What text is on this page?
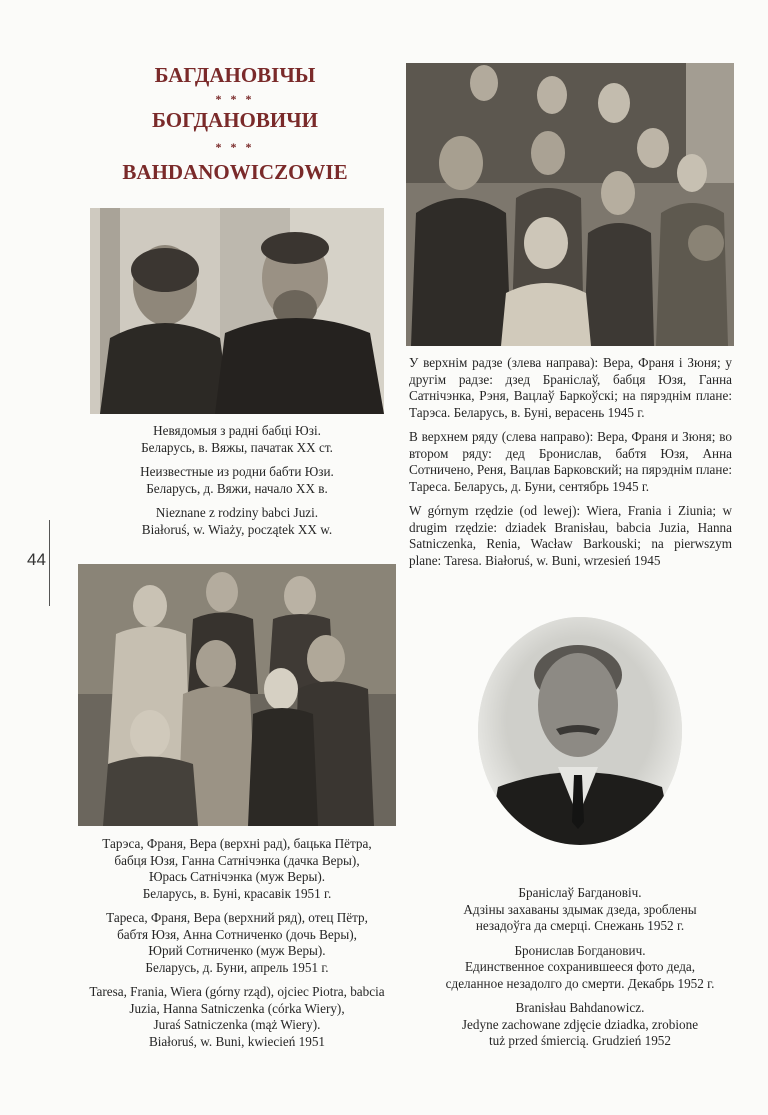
БАГДАНОВІЧЫ
* * *
БОГДАНОВИЧИ
* * *
BAHDANOWICZOWIE

Невядомыя з радні бабці Юзі.
Беларусь, в. Вяжы, пачатак XX ст.

Неизвестные из родни бабти Юзи.
Беларусь, д. Вяжи, начало XX в.

Nieznane z rodziny babci Juzi.
Białoruś, w. Wiaży, początek XX w.

У верхнім радзе (злева направа): Вера, Франя і Зюня; у другім радзе: дзед Браніслаў, бабця Юзя, Ганна Сатнічэнка, Рэня, Вацлаў Баркоўскі; на пярэднім плане: Тарэса. Беларусь, в. Буні, верасень 1945 г.

В верхнем ряду (слева направо): Вера, Франя и Зюня; во втором ряду: дед Бронислав, бабтя Юзя, Анна Сотничено, Реня, Вацлав Барковский; на пярэднім плане: Тареса. Беларусь, д. Буни, сентябрь 1945 г.

W górnym rzędzie (od lewej): Wiera, Frania i Ziunia; w drugim rzędzie: dziadek Branisłau, babcia Juzia, Hanna Satniczenka, Renia, Wacław Barkouski; na pierwszym plane: Taresa. Białoruś, w. Buni, wrzesień 1945

44

Тарэса, Франя, Вера (верхні рад), бацька Пётра,
бабця Юзя, Ганна Сатнічэнка (дачка Веры),
Юрась Сатнічэнка (муж Веры).
Беларусь, в. Буні, красавік 1951 г.

Тареса, Франя, Вера (верхний ряд), отец Пётр,
бабтя Юзя, Анна Сотниченко (дочь Веры),
Юрий Сотниченко (муж Веры).
Беларусь, д. Буни, апрель 1951 г.

Taresa, Frania, Wiera (górny rząd), ojciec Piotra, babcia
Juzia, Hanna Satniczenka (córka Wiery),
Juraś Satniczenka (mąż Wiery).
Białoruś, w. Buni, kwiecień 1951

Браніслаў Багдановіч.
Адзіны захаваны здымак дзеда, зроблены
незадоўга да смерці. Снежань 1952 г.

Бронислав Богданович.
Единственное сохранившееся фото деда,
сделанное незадолго до смерти. Декабрь 1952 г.

Branisłau Bahdanowicz.
Jedyne zachowane zdjęcie dziadka, zrobione
tuż przed śmiercią. Grudzień 1952
